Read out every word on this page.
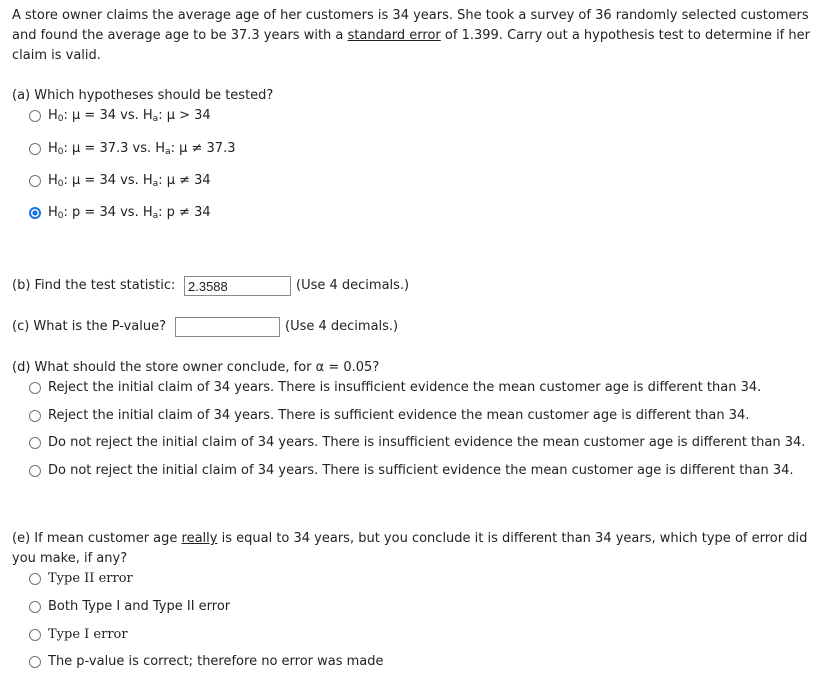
A store owner claims the average age of her customers is 34 years. She took a survey of 36 randomly selected customers and found the average age to be 37.3 years with a standard error of 1.399. Carry out a hypothesis test to determine if her claim is valid.
(a) Which hypotheses should be tested?
$H_0$: μ = 34 vs. $H_a$: μ > 34
$H_0$: μ = 37.3 vs. $H_a$: μ ≠ 37.3
$H_0$: μ = 34 vs. $H_a$: μ ≠ 34
$H_0$: p = 34 vs. $H_a$: p ≠ 34
(b) Find the test statistic:
2.3588	(Use 4 decimals.)
(c) What is the P-value?	(Use 4 decimals.)
(d) What should the store owner conclude, for α = 0.05?
Reject the initial claim of 34 years. There is insufficient evidence the mean customer age is different than 34.
Reject the initial claim of 34 years. There is sufficient evidence the mean customer age is different than 34.
Do not reject the initial claim of 34 years. There is insufficient evidence the mean customer age is different than 34.
Do not reject the initial claim of 34 years. There is sufficient evidence the mean customer age is different than 34.
(e) If mean customer age really is equal to 34 years, but you conclude it is different than 34 years, which type of error did you make, if any?
Type II error
Both Type I and Type II error
Type I error
The p-value is correct; therefore no error was made
